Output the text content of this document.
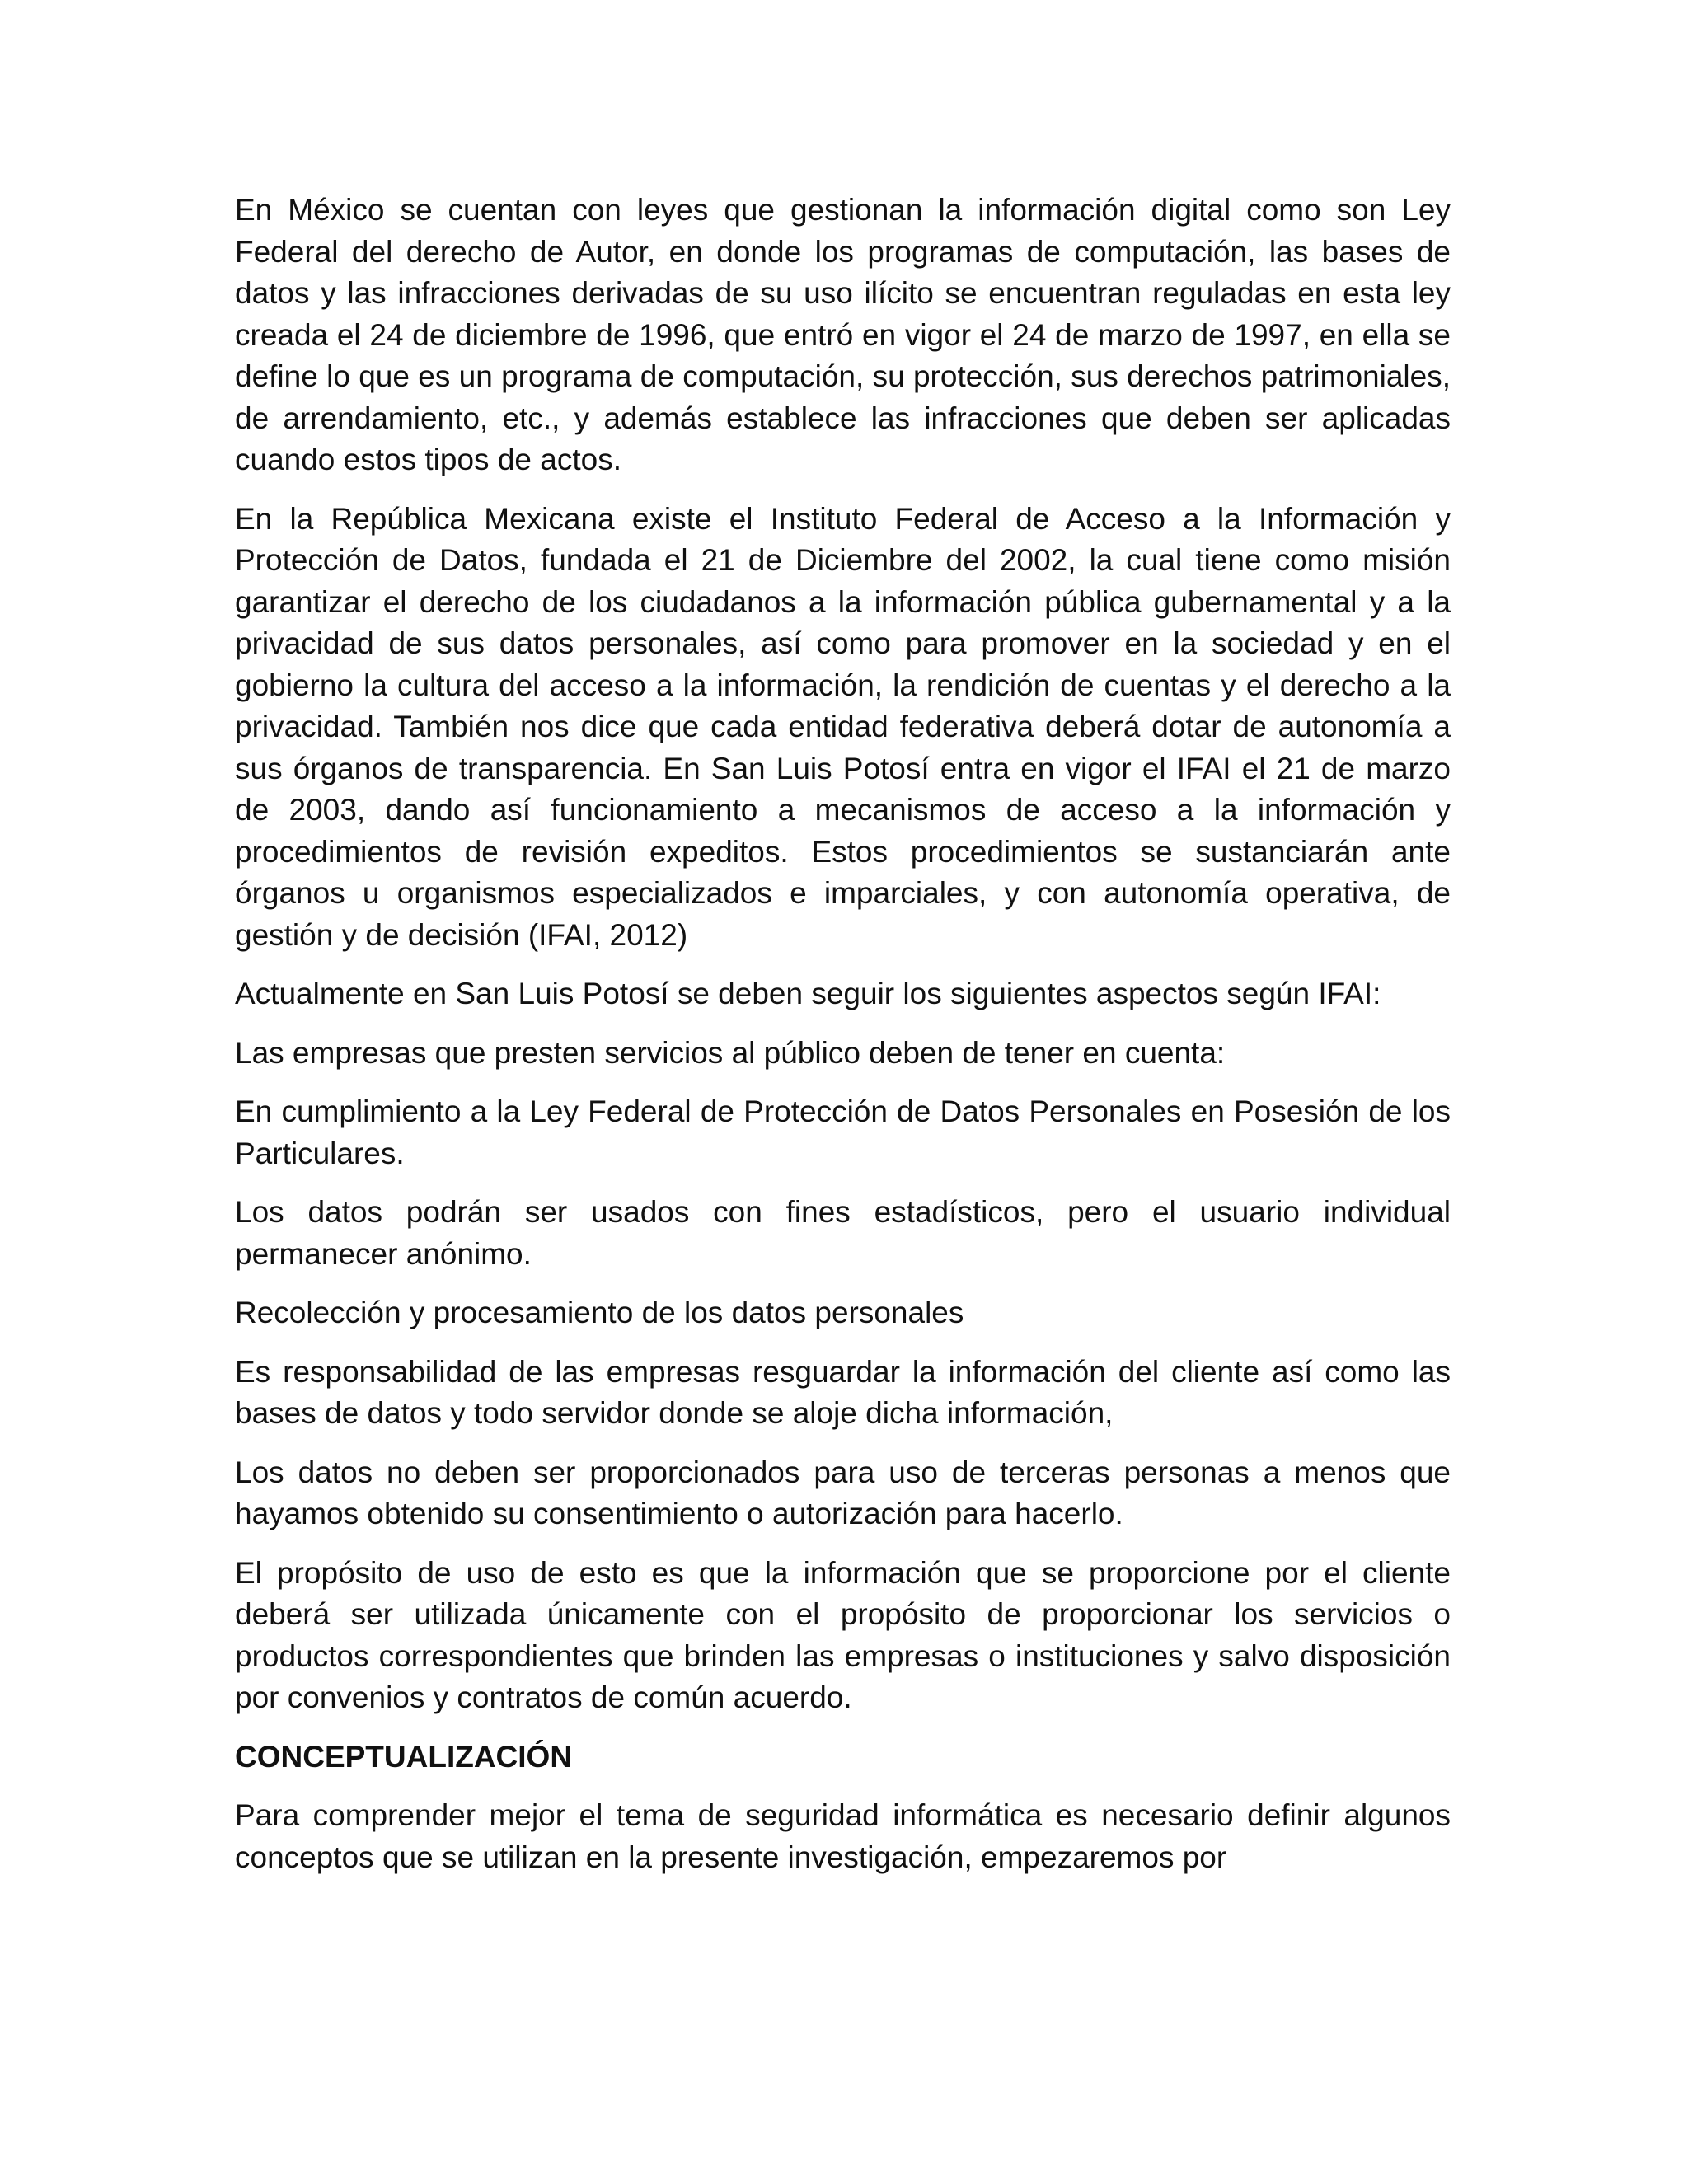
En México se cuentan con leyes que gestionan la información digital como son Ley Federal del derecho de Autor, en donde los programas de computación, las bases de datos y las infracciones derivadas de su uso ilícito se encuentran reguladas en esta ley creada el 24 de diciembre de 1996, que entró en vigor el 24 de marzo de 1997, en ella se define lo que es un programa de computación, su protección, sus derechos patrimoniales, de arrendamiento, etc., y además establece las infracciones que deben ser aplicadas cuando estos tipos de actos.

En la República Mexicana existe el Instituto Federal de Acceso a la Información y Protección de Datos, fundada el 21 de Diciembre del 2002, la cual tiene como misión garantizar el derecho de los ciudadanos a la información pública gubernamental y a la privacidad de sus datos personales, así como para promover en la sociedad y en el gobierno la cultura del acceso a la información, la rendición de cuentas y el derecho a la privacidad. También nos dice que cada entidad federativa deberá dotar de autonomía a sus órganos de transparencia. En San Luis Potosí entra en vigor el IFAI el 21 de marzo de 2003, dando así funcionamiento a mecanismos de acceso a la información y procedimientos de revisión expeditos. Estos procedimientos se sustanciarán ante órganos u organismos especializados e imparciales, y con autonomía operativa, de gestión y de decisión (IFAI, 2012)

Actualmente en San Luis Potosí se deben seguir los siguientes aspectos según IFAI:

Las empresas que presten servicios al público deben de tener en cuenta:

En cumplimiento a la Ley Federal de Protección de Datos Personales en Posesión de los Particulares.

Los datos podrán ser usados con fines estadísticos, pero el usuario individual permanecer anónimo.

Recolección y procesamiento de los datos personales

Es responsabilidad de las empresas resguardar la información del cliente así como las bases de datos y todo servidor donde se aloje dicha información,

Los datos no deben ser proporcionados para uso de terceras personas a menos que hayamos obtenido su consentimiento o autorización para hacerlo.

El propósito de uso de esto es que la información que se proporcione por el cliente deberá ser utilizada únicamente con el propósito de proporcionar los servicios o productos correspondientes que brinden las empresas o instituciones y salvo disposición por convenios y contratos de común acuerdo.

CONCEPTUALIZACIÓN

Para comprender mejor el tema de seguridad informática es necesario definir algunos conceptos que se utilizan en la presente investigación, empezaremos por
